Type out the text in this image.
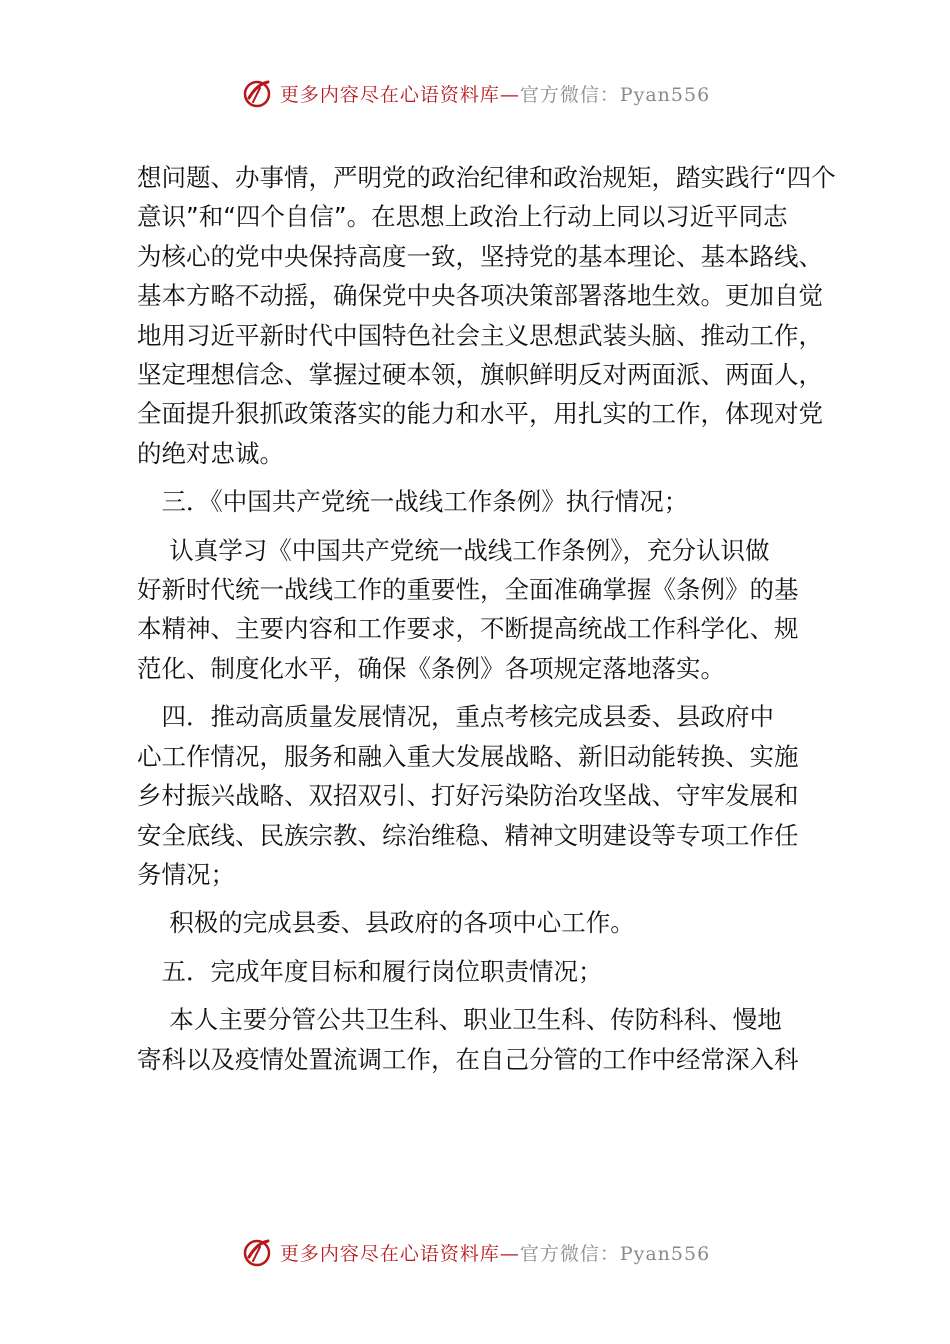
更多内容尽在心语资料库—官方微信：Pyan556

想问题、办事情，严明党的政治纪律和政治规矩，踏实践行“四个
意识”和“四个自信”。在思想上政治上行动上同以习近平同志
为核心的党中央保持高度一致，坚持党的基本理论、基本路线、
基本方略不动摇，确保党中央各项决策部署落地生效。更加自觉
地用习近平新时代中国特色社会主义思想武装头脑、推动工作，
坚定理想信念、掌握过硬本领，旗帜鲜明反对两面派、两面人，
全面提升狠抓政策落实的能力和水平，用扎实的工作，体现对党
的绝对忠诚。

　三．《中国共产党统一战线工作条例》执行情况；

　 认真学习《中国共产党统一战线工作条例》，充分认识做
好新时代统一战线工作的重要性，全面准确掌握《条例》的基
本精神、主要内容和工作要求，不断提高统战工作科学化、规
范化、制度化水平，确保《条例》各项规定落地落实。

　四．推动高质量发展情况，重点考核完成县委、县政府中
心工作情况，服务和融入重大发展战略、新旧动能转换、实施
乡村振兴战略、双招双引、打好污染防治攻坚战、守牢发展和
安全底线、民族宗教、综治维稳、精神文明建设等专项工作任
务情况；

　 积极的完成县委、县政府的各项中心工作。

　五．完成年度目标和履行岗位职责情况；

　 本人主要分管公共卫生科、职业卫生科、传防科科、慢地
寄科以及疫情处置流调工作，在自己分管的工作中经常深入科

更多内容尽在心语资料库—官方微信：Pyan556
